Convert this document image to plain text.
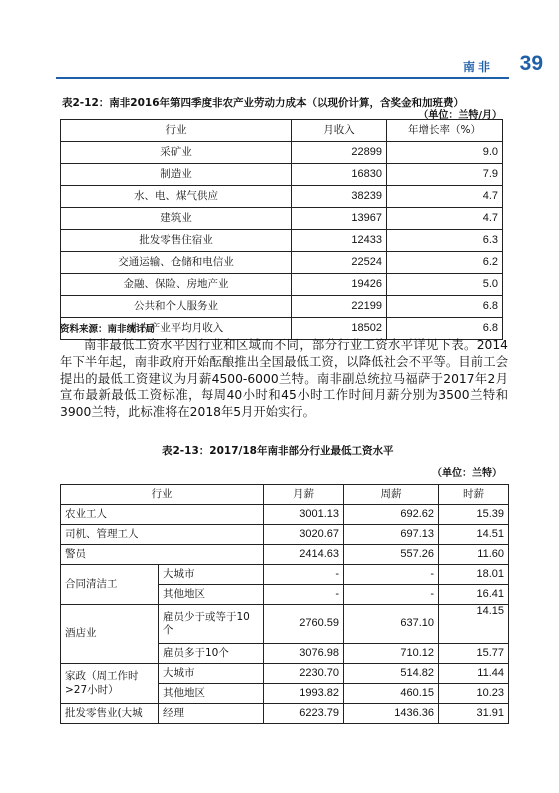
南非 39
表2-12：南非2016年第四季度非农产业劳动力成本（以现价计算，含奖金和加班费）
（单位：兰特/月）
行业	月收入	年增长率（%）
采矿业	22899	9.0
制造业	16830	7.9
水、电、煤气供应	38239	4.7
建筑业	13967	4.7
批发零售住宿业	12433	6.3
交通运输、仓储和电信业	22524	6.2
金融、保险、房地产业	19426	5.0
公共和个人服务业	22199	6.8
非农产业平均月收入	18502	6.8
资料来源：南非统计局

南非最低工资水平因行业和区域而不同，部分行业工资水平详见下表。2014年下半年起，南非政府开始酝酿推出全国最低工资，以降低社会不平等。目前工会提出的最低工资建议为月薪4500-6000兰特。南非副总统拉马福萨于2017年2月宣布最新最低工资标准，每周40小时和45小时工作时间月薪分别为3500兰特和3900兰特，此标准将在2018年5月开始实行。

表2-13：2017/18年南非部分行业最低工资水平
（单位：兰特）
行业		月薪	周薪	时薪
农业工人		3001.13	692.62	15.39
司机、管理工人		3020.67	697.13	14.51
警员		2414.63	557.26	11.60
合同清洁工	大城市	-	-	18.01
	其他地区	-	-	16.41
酒店业	雇员少于或等于10个	2760.59	637.10	14.15
	雇员多于10个	3076.98	710.12	15.77
家政（周工作时>27小时）	大城市	2230.70	514.82	11.44
	其他地区	1993.82	460.15	10.23
批发零售业(大城	经理	6223.79	1436.36	31.91
